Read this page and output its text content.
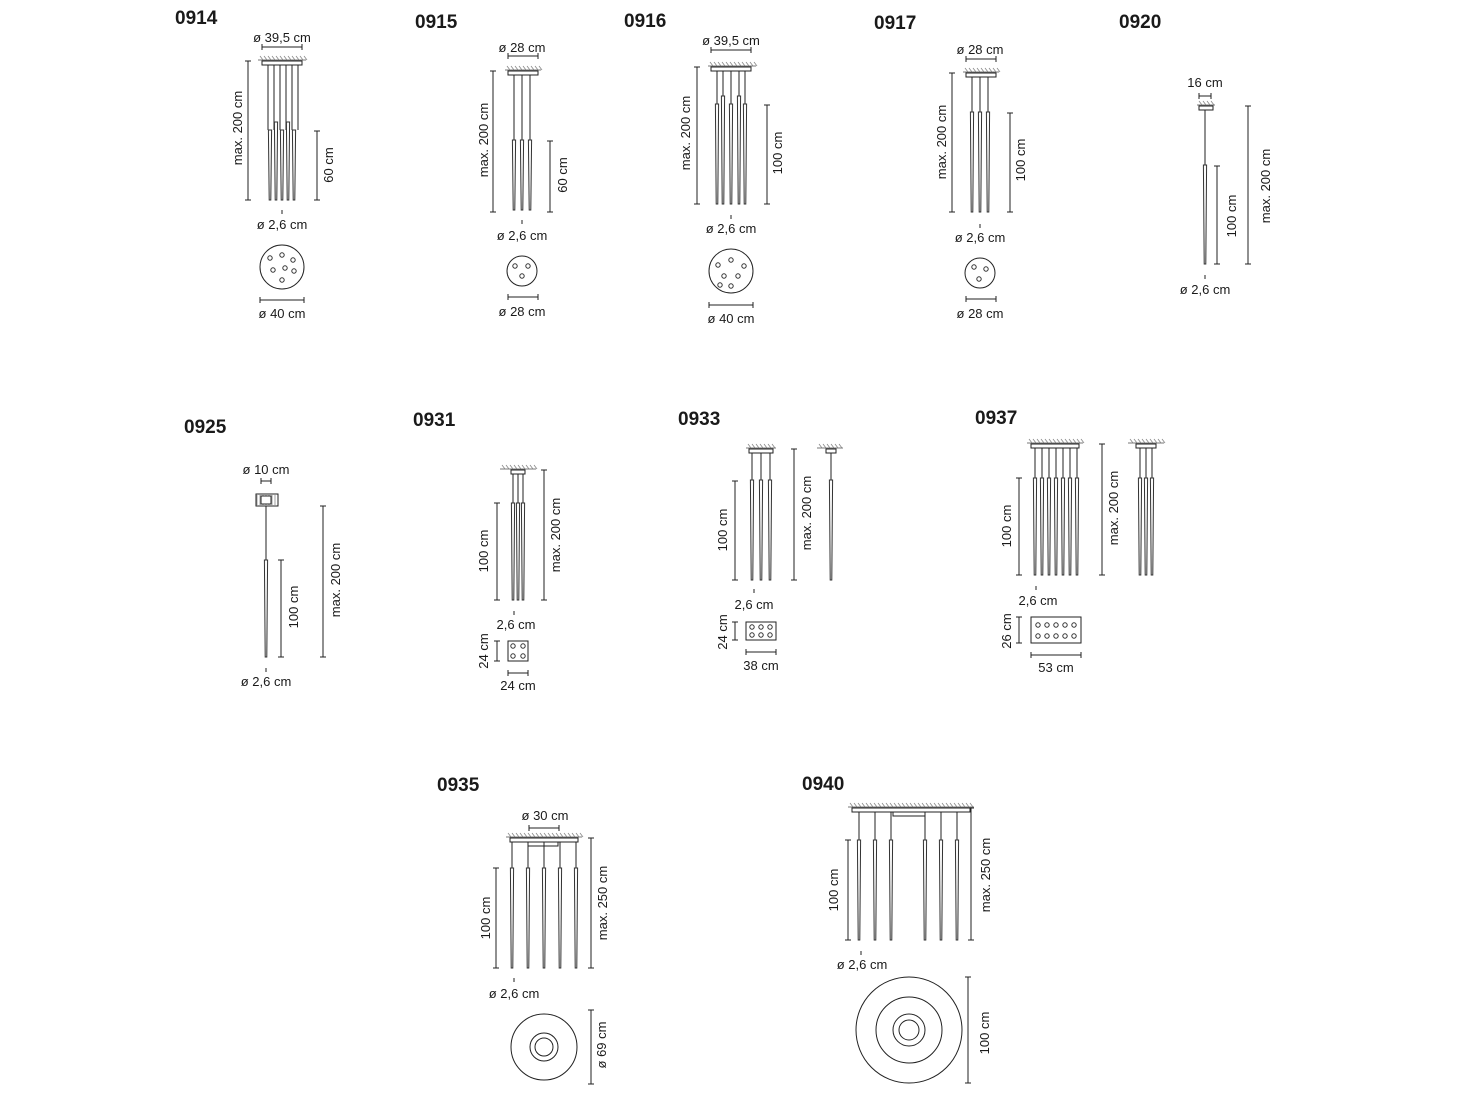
0914
ø 39,5 cm
max. 200 cm	60 cm
ø 2,6 cm
ø 40 cm
0915
ø 28 cm
max. 200 cm	60 cm
ø 2,6 cm
ø 28 cm
0916
ø 39,5 cm
max. 200 cm	100 cm
ø 2,6 cm
ø 40 cm
0917
ø 28 cm
max. 200 cm	100 cm
ø 2,6 cm
ø 28 cm
0920
16 cm
max. 200 cm
100 cm
ø 2,6 cm
0925
ø 10 cm
max. 200 cm
100 cm
ø 2,6 cm
0931
max. 200 cm
100 cm
2,6 cm
24 cm
24 cm
0933
max. 200 cm
100 cm
2,6 cm
24 cm
38 cm
0937
max. 200 cm
100 cm
2,6 cm
26 cm
53 cm
0935
ø 30 cm
max. 250 cm
100 cm
ø 2,6 cm
ø 69 cm
0940
max. 250 cm
100 cm
ø 2,6 cm
100 cm
